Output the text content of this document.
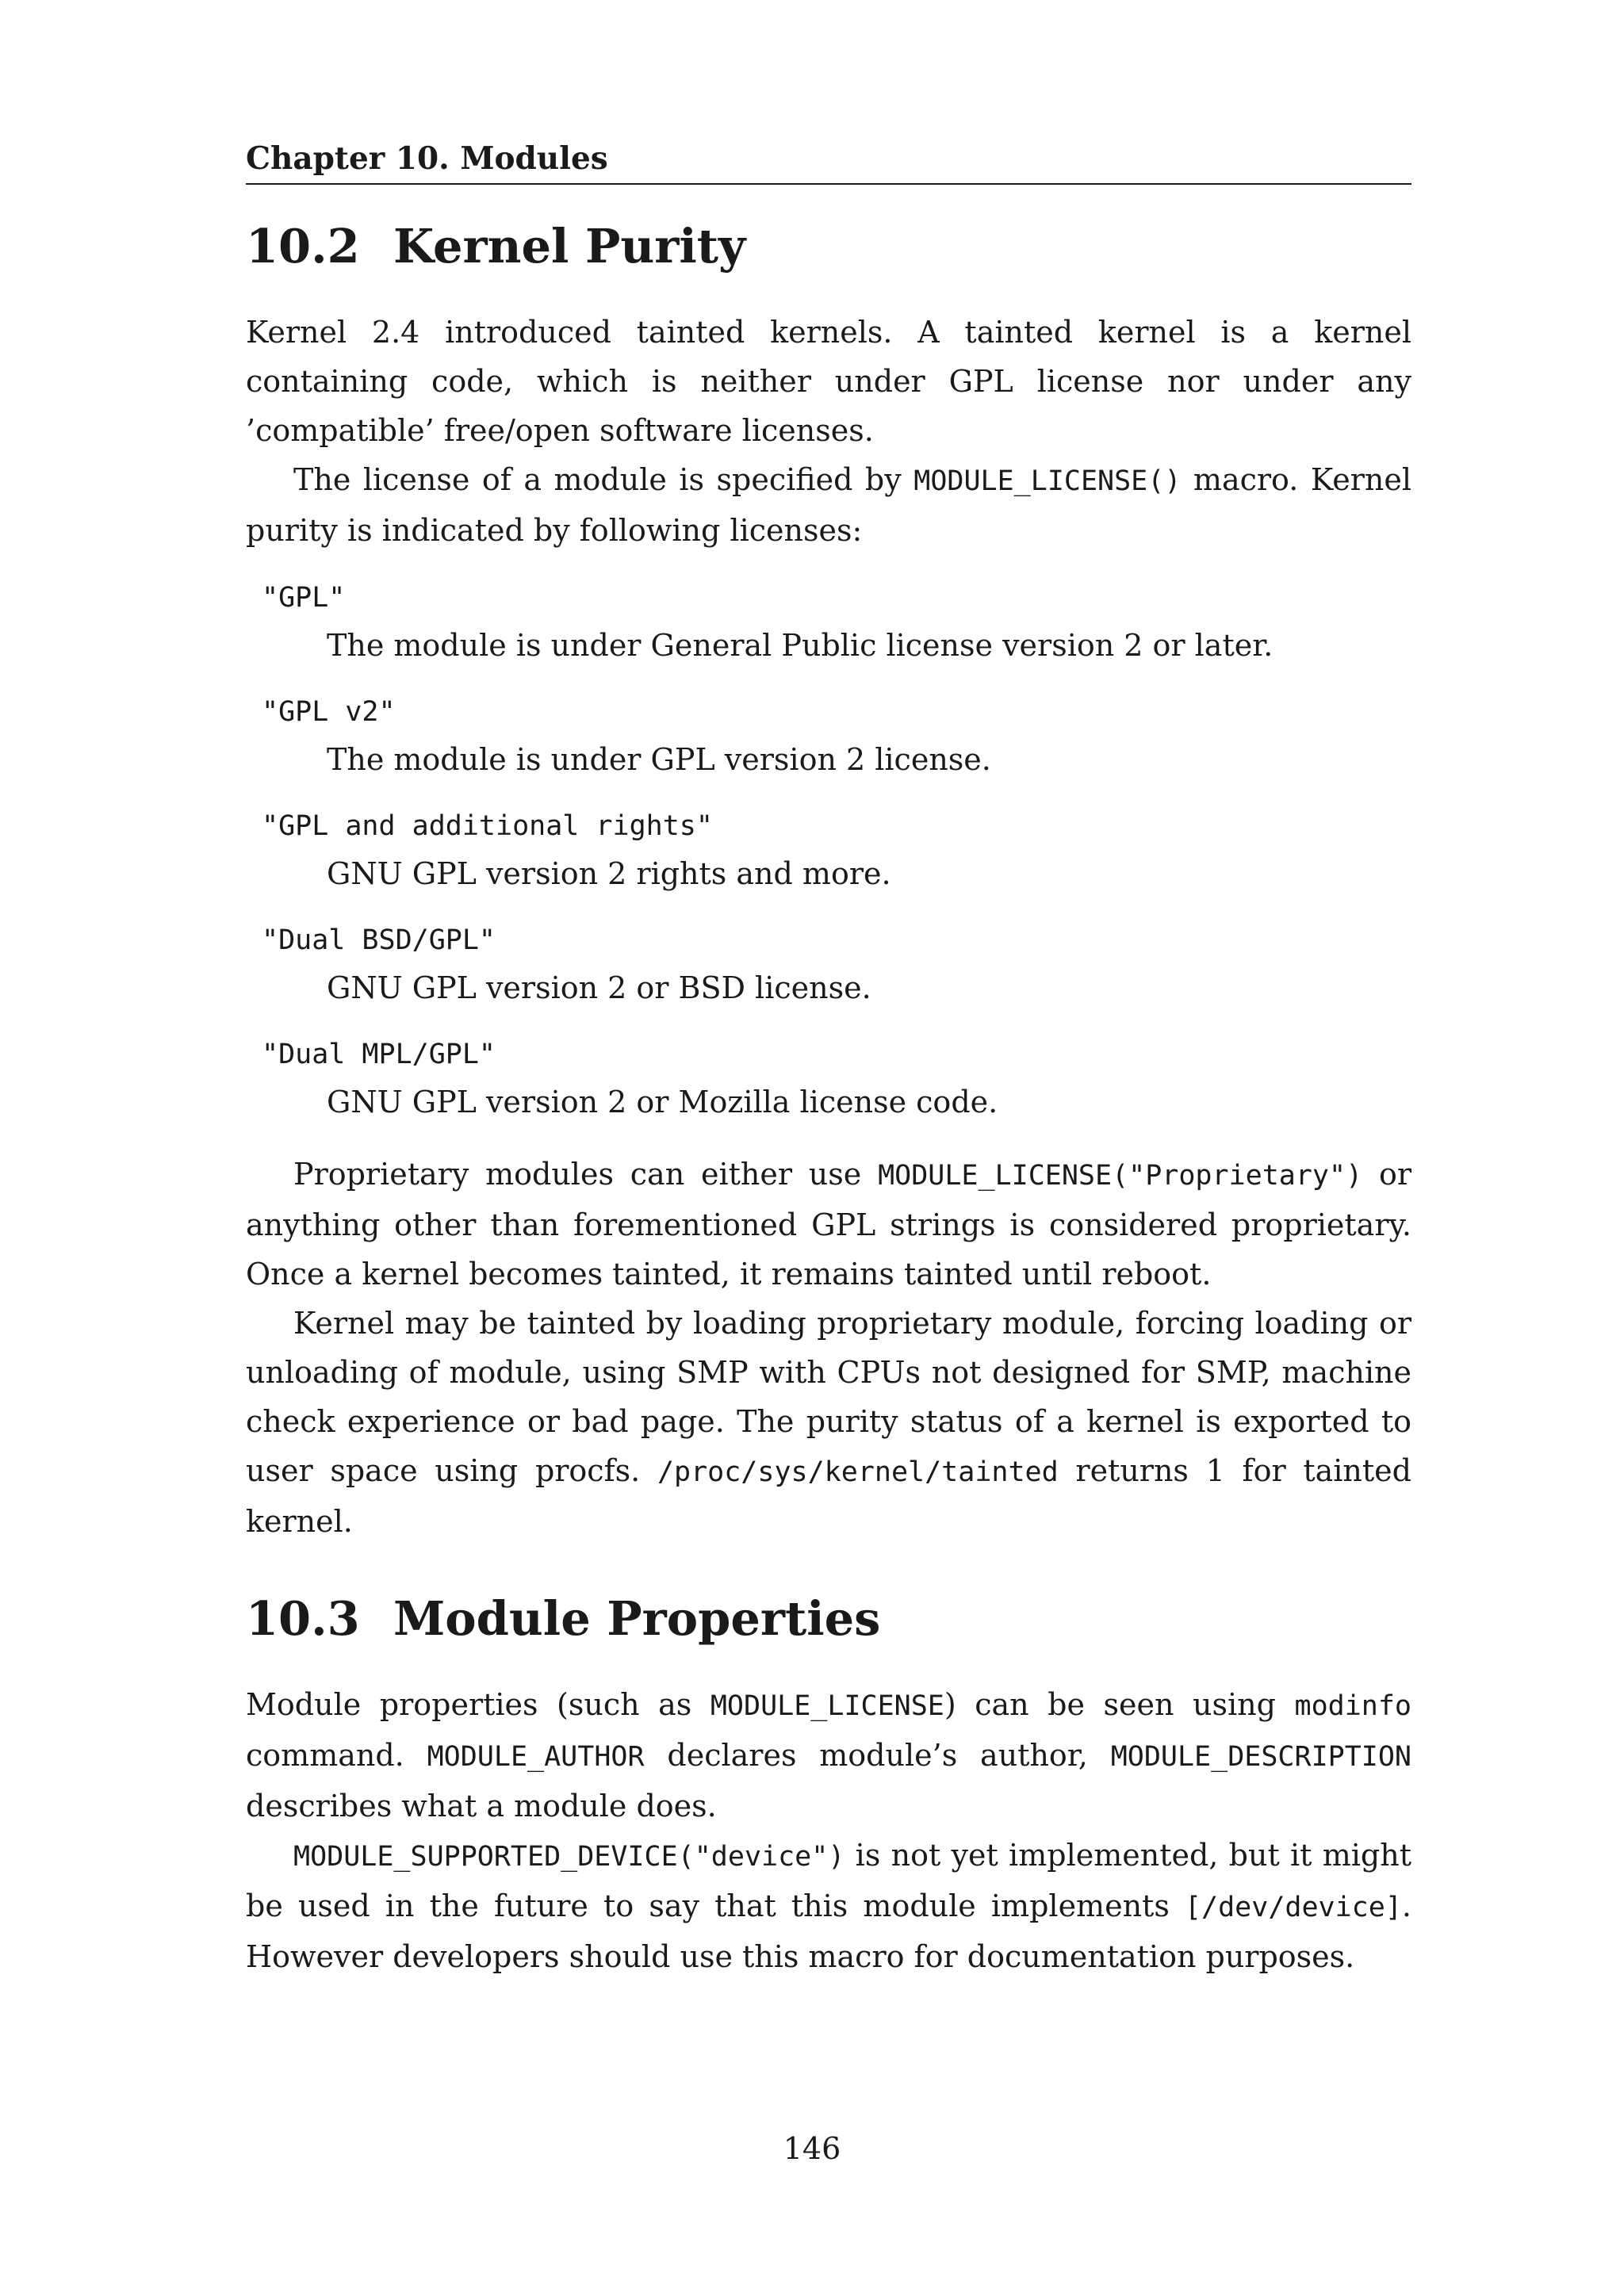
Chapter 10. Modules
10.2 Kernel Purity

Kernel 2.4 introduced tainted kernels. A tainted kernel is a kernel containing code, which is neither under GPL license nor under any ’compatible’ free/open software licenses.

The license of a module is specified by MODULE_LICENSE() macro. Kernel purity is indicated by following licenses:

"GPL"
The module is under General Public license version 2 or later.
"GPL v2"
The module is under GPL version 2 license.
"GPL and additional rights"
GNU GPL version 2 rights and more.
"Dual BSD/GPL"
GNU GPL version 2 or BSD license.
"Dual MPL/GPL"
GNU GPL version 2 or Mozilla license code.

Proprietary modules can either use MODULE_LICENSE("Proprietary") or anything other than forementioned GPL strings is considered proprietary. Once a kernel becomes tainted, it remains tainted until reboot.

Kernel may be tainted by loading proprietary module, forcing loading or unloading of module, using SMP with CPUs not designed for SMP, machine check experience or bad page. The purity status of a kernel is exported to user space using procfs. /proc/sys/kernel/tainted returns 1 for tainted kernel.

10.3 Module Properties

Module properties (such as MODULE_LICENSE) can be seen using modinfo command. MODULE_AUTHOR declares module’s author, MODULE_DESCRIPTION describes what a module does.

MODULE_SUPPORTED_DEVICE("device") is not yet implemented, but it might be used in the future to say that this module implements [/dev/device]. However developers should use this macro for documentation purposes.

146
